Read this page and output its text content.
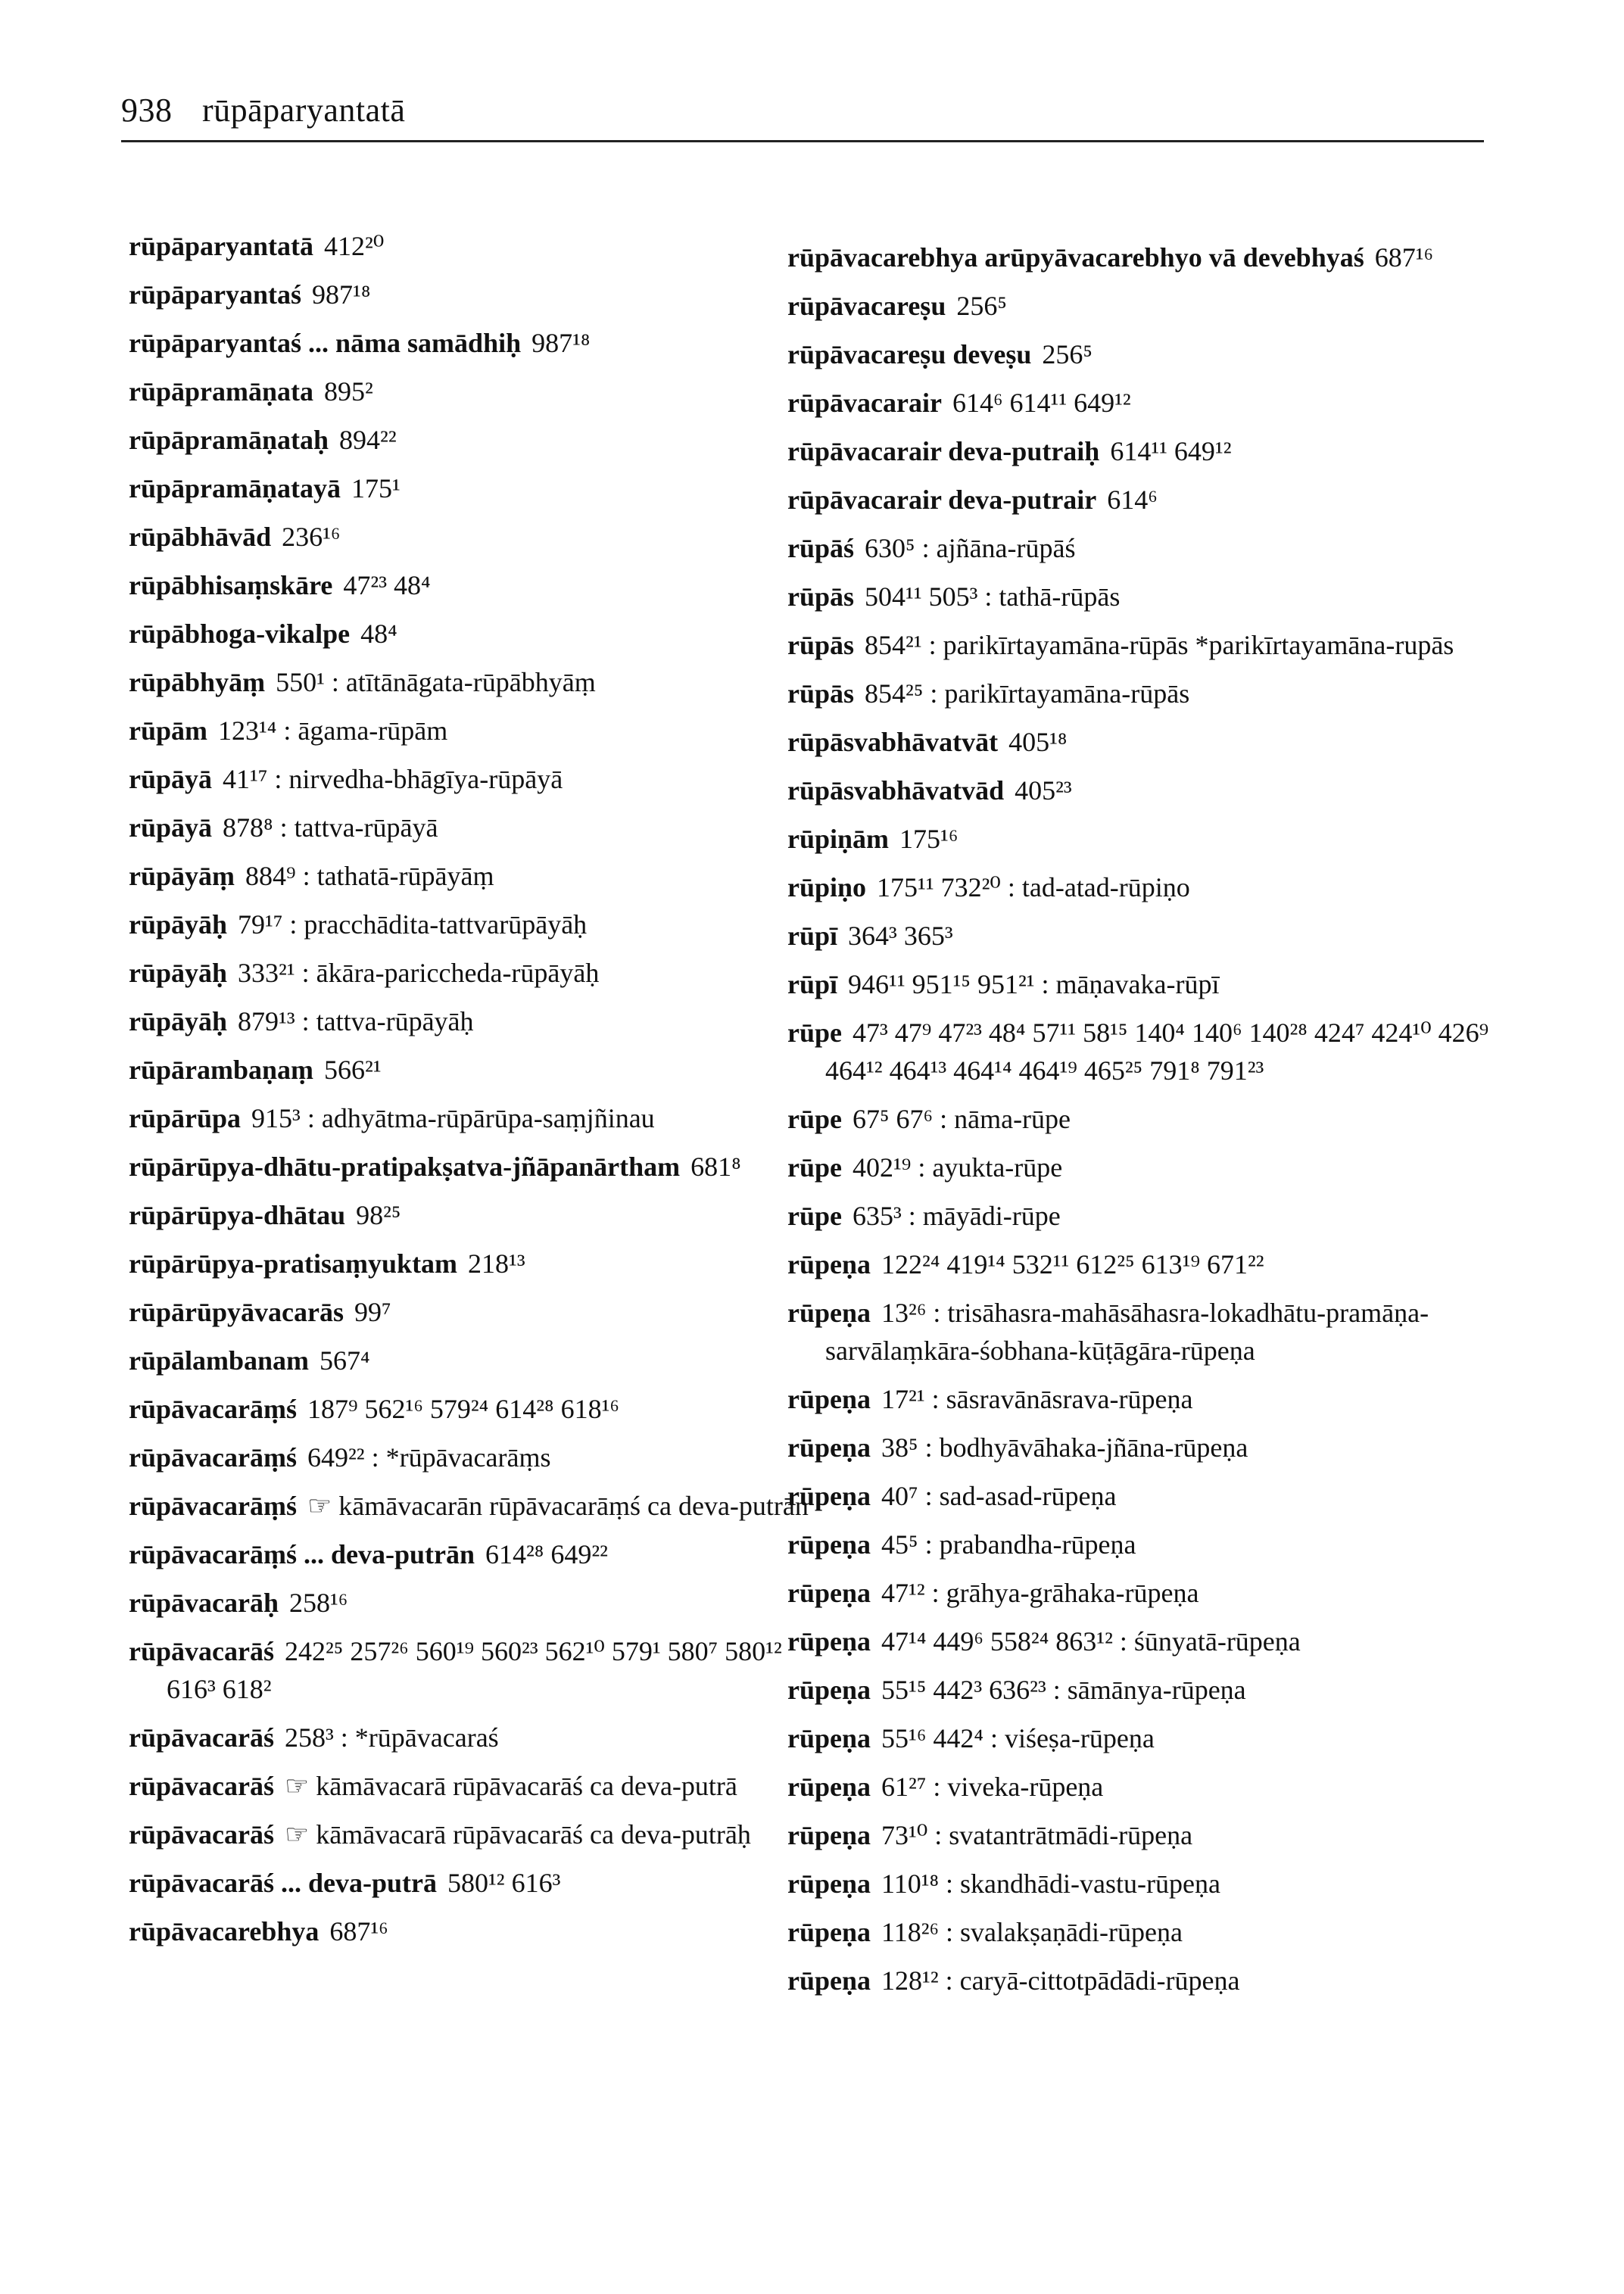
938 rūpāparyantatā
rūpāparyantatā 412²⁰
rūpāparyantaś 987¹⁸
rūpāparyantaś ... nāma samādhiḥ 987¹⁸
rūpāpramāṇata 895²
rūpāpramāṇataḥ 894²²
rūpāpramāṇatayā 175¹
rūpābhāvād 236¹⁶
rūpābhisaṃskāre 47²³ 48⁴
rūpābhoga-vikalpe 48⁴
rūpābhyāṃ 550¹ : atītānāgata-rūpābhyāṃ
rūpām 123¹⁴ : āgama-rūpām
rūpāyā 41¹⁷ : nirvedha-bhāgīya-rūpāyā
rūpāyā 878⁸ : tattva-rūpāyā
rūpāyāṃ 884⁹ : tathatā-rūpāyāṃ
rūpāyāḥ 79¹⁷ : pracchādita-tattvarūpāyāḥ
rūpāyāḥ 333²¹ : ākāra-paricchedа-rūpāyāḥ
rūpāyāḥ 879¹³ : tattva-rūpāyāḥ
rūpārambaṇaṃ 566²¹
rūpārūpa 915³ : adhyātma-rūpārūpa-saṃjñinau
rūpārūpya-dhātu-pratipakṣatva-jñāpanārtham 681⁸
rūpārūpya-dhātau 98²⁵
rūpārūpya-pratisaṃyuktam 218¹³
rūpārūpyāvacarās 99⁷
rūpālambanam 567⁴
rūpāvacarāṃś 187⁹ 562¹⁶ 579²⁴ 614²⁸ 618¹⁶
rūpāvacarāṃś 649²² : *rūpāvacarāṃs
rūpāvacarāṃś ☞ kāmāvacarān rūpāvacarāṃś ca deva-putrān
rūpāvacarāṃś ... deva-putrān 614²⁸ 649²²
rūpāvacarāḥ 258¹⁶
rūpāvacarāś 242²⁵ 257²⁶ 560¹⁹ 560²³ 562¹⁰ 579¹ 580⁷ 580¹² 616³ 618²
rūpāvacarāś 258³ : *rūpāvacaraś
rūpāvacarāś ☞ kāmāvacarā rūpāvacarāś ca deva-putrā
rūpāvacarāś ☞ kāmāvacarā rūpāvacarāś ca deva-putrāḥ
rūpāvacarāś ... deva-putrā 580¹² 616³
rūpāvacarebhya 687¹⁶
rūpāvacarebhya arūpyāvacarebhyo vā devebhyaś 687¹⁶
rūpāvacareṣu 256⁵
rūpāvacareṣu deveṣu 256⁵
rūpāvacarair 614⁶ 614¹¹ 649¹²
rūpāvacarair deva-putraiḥ 614¹¹ 649¹²
rūpāvacarair deva-putrair 614⁶
rūpāś 630⁵ : ajñāna-rūpāś
rūpās 504¹¹ 505³ : tathā-rūpās
rūpās 854²¹ : parikīrtayamāna-rūpās *parikīrtayamāna-rupās
rūpās 854²⁵ : parikīrtayamāna-rūpās
rūpāsvabhāvatvāt 405¹⁸
rūpāsvabhāvatvād 405²³
rūpiṇām 175¹⁶
rūpiṇo 175¹¹ 732²⁰ : tad-atad-rūpiṇo
rūpī 364³ 365³
rūpī 946¹¹ 951¹⁵ 951²¹ : māṇavaka-rūpī
rūpe 47³ 47⁹ 47²³ 48⁴ 57¹¹ 58¹⁵ 140⁴ 140⁶ 140²⁸ 424⁷ 424¹⁰ 426⁹ 464¹² 464¹³ 464¹⁴ 464¹⁹ 465²⁵ 791⁸ 791²³
rūpe 67⁵ 67⁶ : nāma-rūpe
rūpe 402¹⁹ : ayukta-rūpe
rūpe 635³ : māyādi-rūpe
rūpeṇa 122²⁴ 419¹⁴ 532¹¹ 612²⁵ 613¹⁹ 671²²
rūpeṇa 13²⁶ : trisāhasra-mahāsāhasra-lokadhātu-pramāṇa-sarvālaṃkāra-śobhana-kūṭāgāra-rūpeṇa
rūpeṇa 17²¹ : sāsravānāsrava-rūpeṇa
rūpeṇa 38⁵ : bodhyāvāhaka-jñāna-rūpeṇa
rūpeṇa 40⁷ : sad-asad-rūpeṇa
rūpeṇa 45⁵ : prabandha-rūpeṇa
rūpeṇa 47¹² : grāhya-grāhaka-rūpeṇa
rūpeṇa 47¹⁴ 449⁶ 558²⁴ 863¹² : śūnyatā-rūpeṇa
rūpeṇa 55¹⁵ 442³ 636²³ : sāmānya-rūpeṇa
rūpeṇa 55¹⁶ 442⁴ : viśeṣa-rūpeṇa
rūpeṇa 61²⁷ : viveka-rūpeṇa
rūpeṇa 73¹⁰ : svatantrātmādi-rūpeṇa
rūpeṇa 110¹⁸ : skandhādi-vastu-rūpeṇa
rūpeṇa 118²⁶ : svalakṣaṇādi-rūpeṇa
rūpeṇa 128¹² : caryā-cittotpādādi-rūpeṇa
